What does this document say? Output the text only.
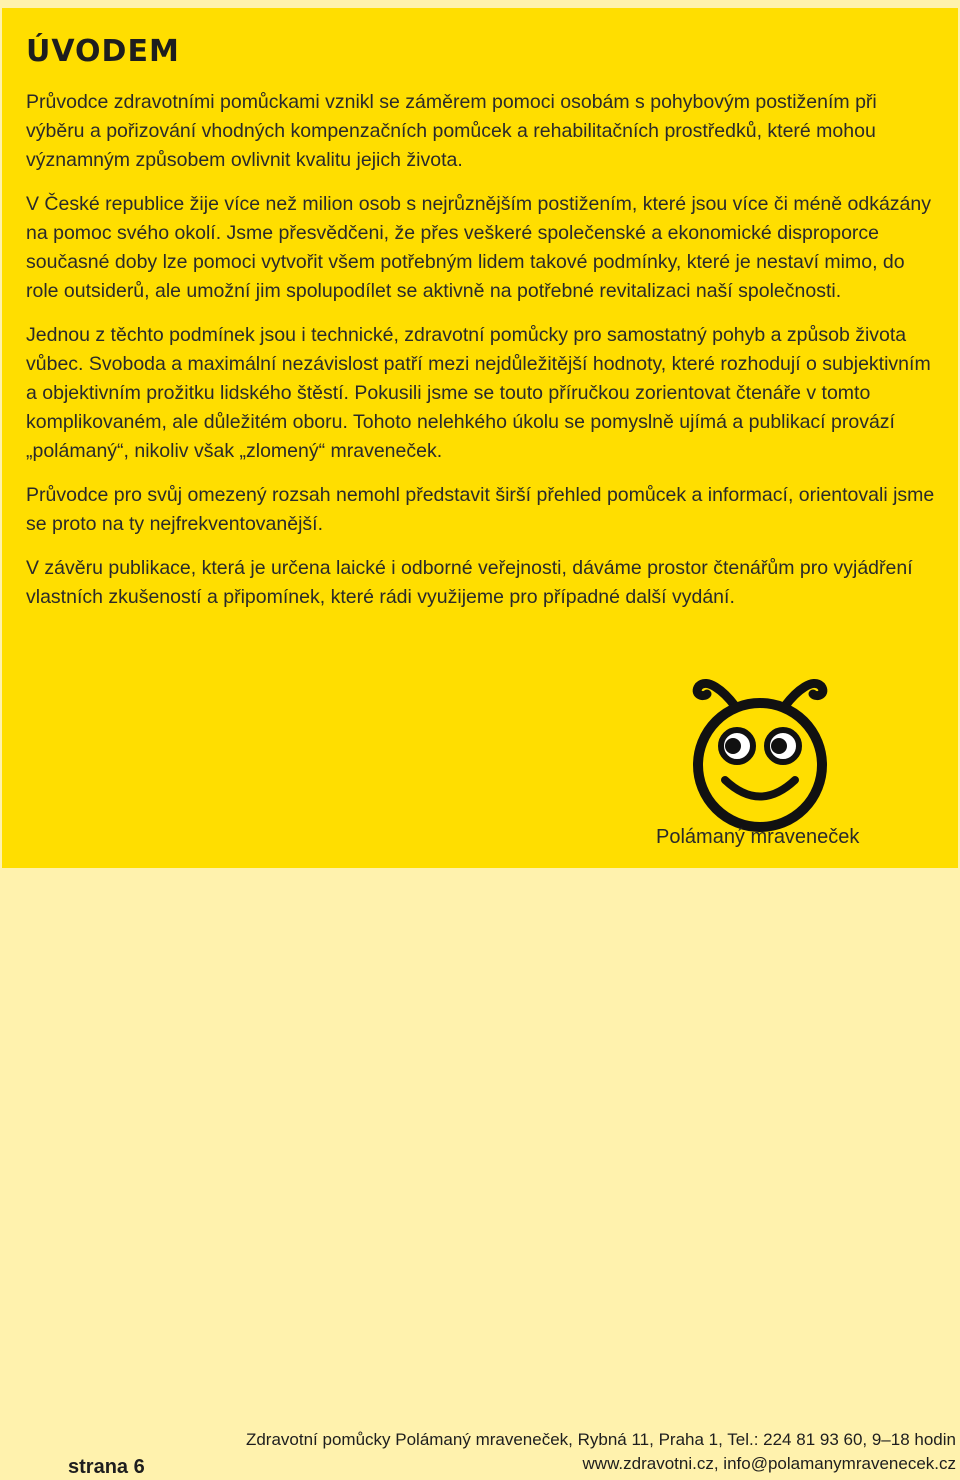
ÚVODEM

Průvodce zdravotními pomůckami vznikl se záměrem pomoci osobám s pohybovým postižením při výběru a pořizování vhodných kompenzačních pomůcek a rehabilitačních prostředků, které mohou významným způsobem ovlivnit kvalitu jejich života.

V České republice žije více než milion osob s nejrůznějším postižením, které jsou více či méně odkázány na pomoc svého okolí. Jsme přesvědčeni, že přes veškeré společenské a ekonomické disproporce současné doby lze pomoci vytvořit všem potřebným lidem takové podmínky, které je nestaví mimo, do role outsiderů, ale umožní jim spolupodílet se aktivně na potřebné revitalizaci naší společnosti.

Jednou z těchto podmínek jsou i technické, zdravotní pomůcky pro samostatný pohyb a způsob života vůbec. Svoboda a maximální nezávislost patří mezi nejdůležitější hodnoty, které rozhodují o subjektivním a objektivním prožitku lidského štěstí. Pokusili jsme se touto příručkou zorientovat čtenáře v tomto komplikovaném, ale důležitém oboru. Tohoto nelehkého úkolu se pomyslně ujímá a publikací provází „polámaný“, nikoliv však „zlomený“ mraveneček.

Průvodce pro svůj omezený rozsah nemohl představit širší přehled pomůcek a informací, orientovali jsme se proto na ty nejfrekventovanější.

V závěru publikace, která je určena laické i odborné veřejnosti, dáváme prostor čtenářům pro vyjádření vlastních zkušeností a připomínek, které rádi využijeme pro případné další vydání.

Polámaný mraveneček
strana 6
Zdravotní pomůcky Polámaný mraveneček, Rybná 11, Praha 1, Tel.: 224 81 93 60, 9–18 hodin
www.zdravotni.cz, info@polamanymravenecek.cz
